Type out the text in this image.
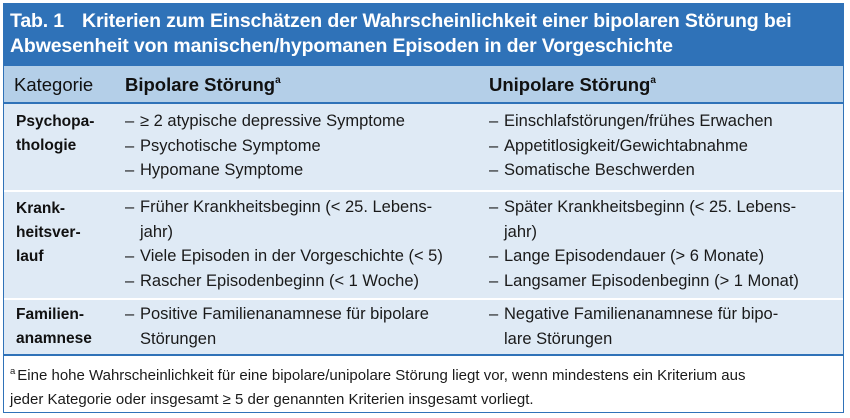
Tab. 1 Kriterien zum Einschätzen der Wahrscheinlichkeit einer bipolaren Störung bei
Abwesenheit von manischen/hypomanen Episoden in der Vorgeschichte
Kategorie Bipolare Störung$^a$	Unipolare Störung$^a$
Psychopa-
thologie
– ≥ 2 atypische depressive Symptome
– Psychotische Symptome
– Hypomane Symptome
– Einschlafstörungen/frühes Erwachen
– Appetitlosigkeit/Gewichtabnahme
– Somatische Beschwerden
Krank-
heitsver-
lauf
– Früher Krankheitsbeginn (< 25. Lebens-
jahr)
– Viele Episoden in der Vorgeschichte (< 5)
– Rascher Episodenbeginn (< 1 Woche)
– Später Krankheitsbeginn (< 25. Lebens-
jahr)
– Lange Episodendauer (> 6 Monate)
– Langsamer Episodenbeginn (> 1 Monat)
Familien-
anamnese
– Positive Familienanamnese für bipolare
Störungen
– Negative Familienanamnese für bipo-
lare Störungen
$^a$ Eine hohe Wahrscheinlichkeit für eine bipolare/unipolare Störung liegt vor, wenn mindestens ein Kriterium aus
jeder Kategorie oder insgesamt ≥ 5 der genannten Kriterien insgesamt vorliegt.
